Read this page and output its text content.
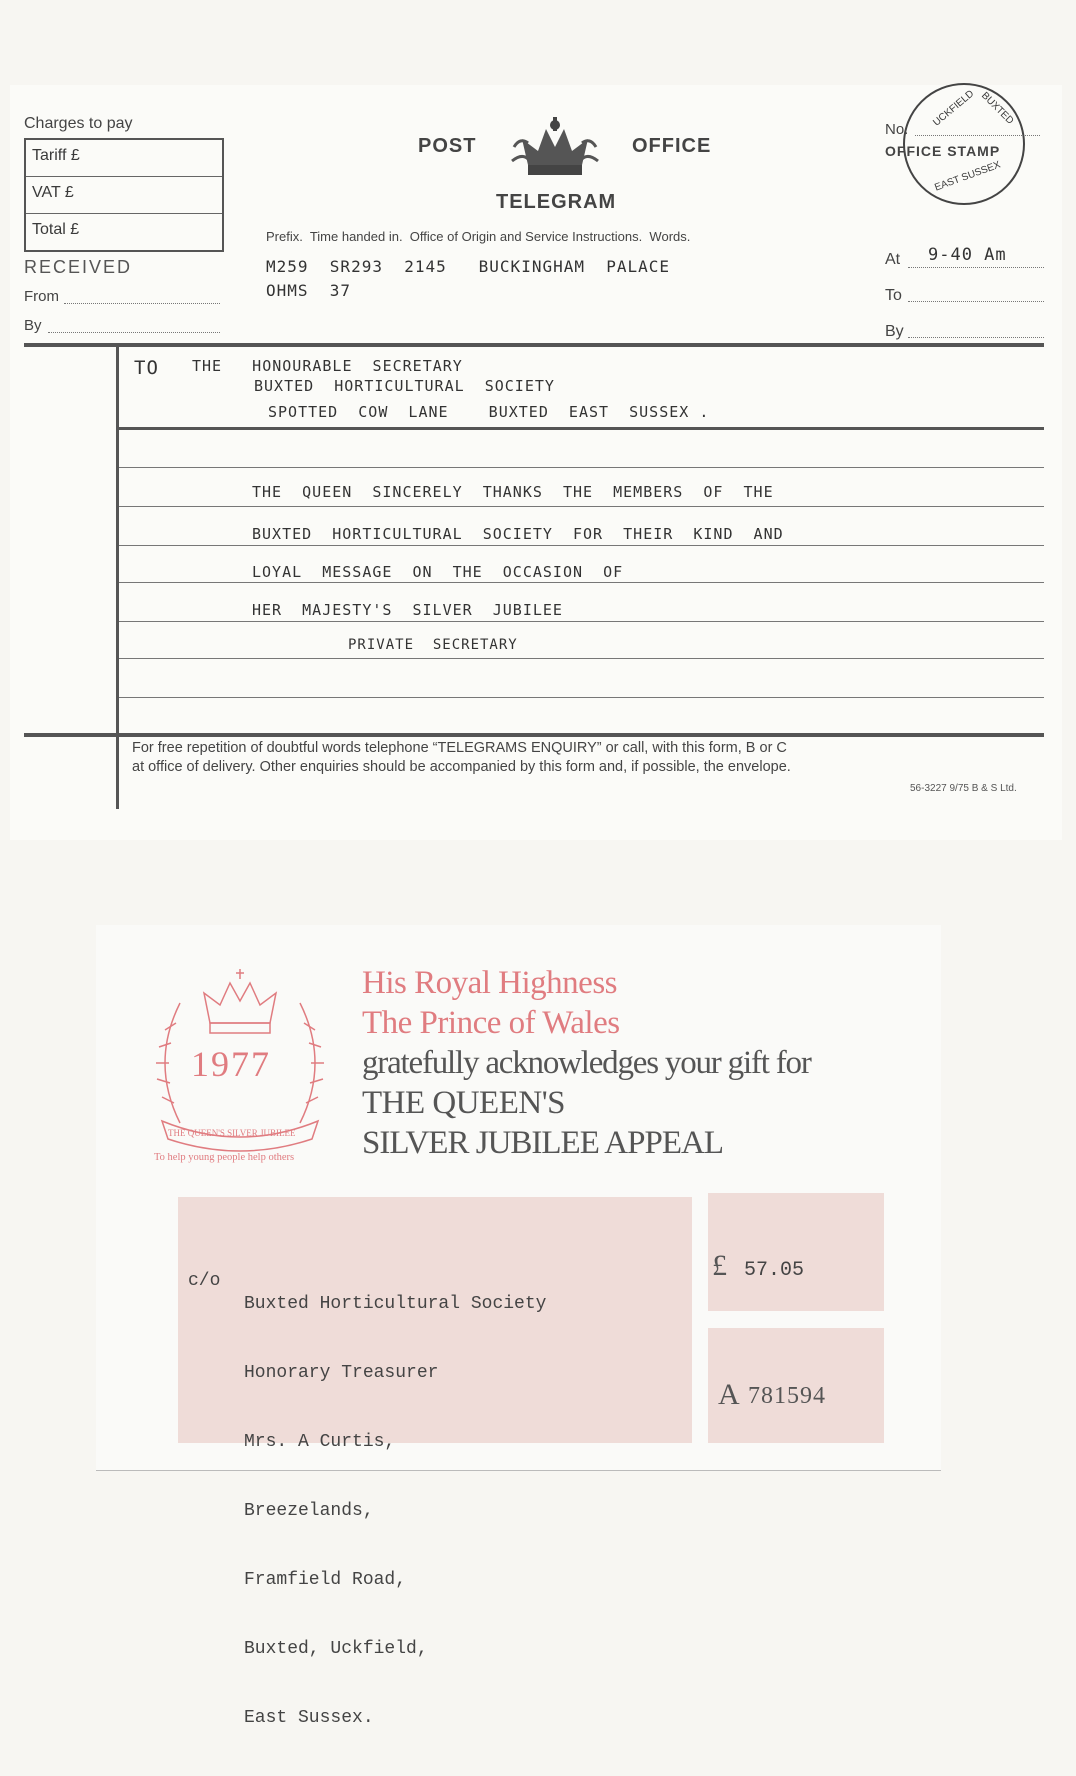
Charges to pay
Tariff £
VAT £
Total £
RECEIVED
From
By
POST	OFFICE
TELEGRAM
Prefix.  Time handed in.  Office of Origin and Service Instructions.  Words.
M259  SR293  2145   BUCKINGHAM  PALACE
OHMS  37
No.
OFFICE STAMP
UCKFIELD BUXTED
EAST SUSSEX
At 9-40 Am
To
By
TO THE   HONOURABLE  SECRETARY
BUXTED  HORTICULTURAL  SOCIETY
SPOTTED  COW  LANE    BUXTED  EAST  SUSSEX .
THE  QUEEN  SINCERELY  THANKS  THE  MEMBERS  OF  THE
BUXTED  HORTICULTURAL  SOCIETY  FOR  THEIR  KIND  AND
LOYAL  MESSAGE  ON  THE  OCCASION  OF
HER  MAJESTY'S  SILVER  JUBILEE
PRIVATE  SECRETARY
For free repetition of doubtful words telephone “TELEGRAMS ENQUIRY” or call, with this form, B or C
at office of delivery. Other enquiries should be accompanied by this form and, if possible, the envelope.
56-3227 9/75 B & S Ltd.
1977
THE QUEEN'S SILVER JUBILEE
To help young people help others
His Royal Highness
The Prince of Wales
gratefully acknowledges your gift for
THE QUEEN'S
SILVER JUBILEE APPEAL
c/o

Buxted Horticultural Society

Honorary Treasurer

Mrs. A Curtis,

Breezelands,

Framfield Road,

Buxted, Uckfield,

East Sussex.

£ 57.05
A 781594
